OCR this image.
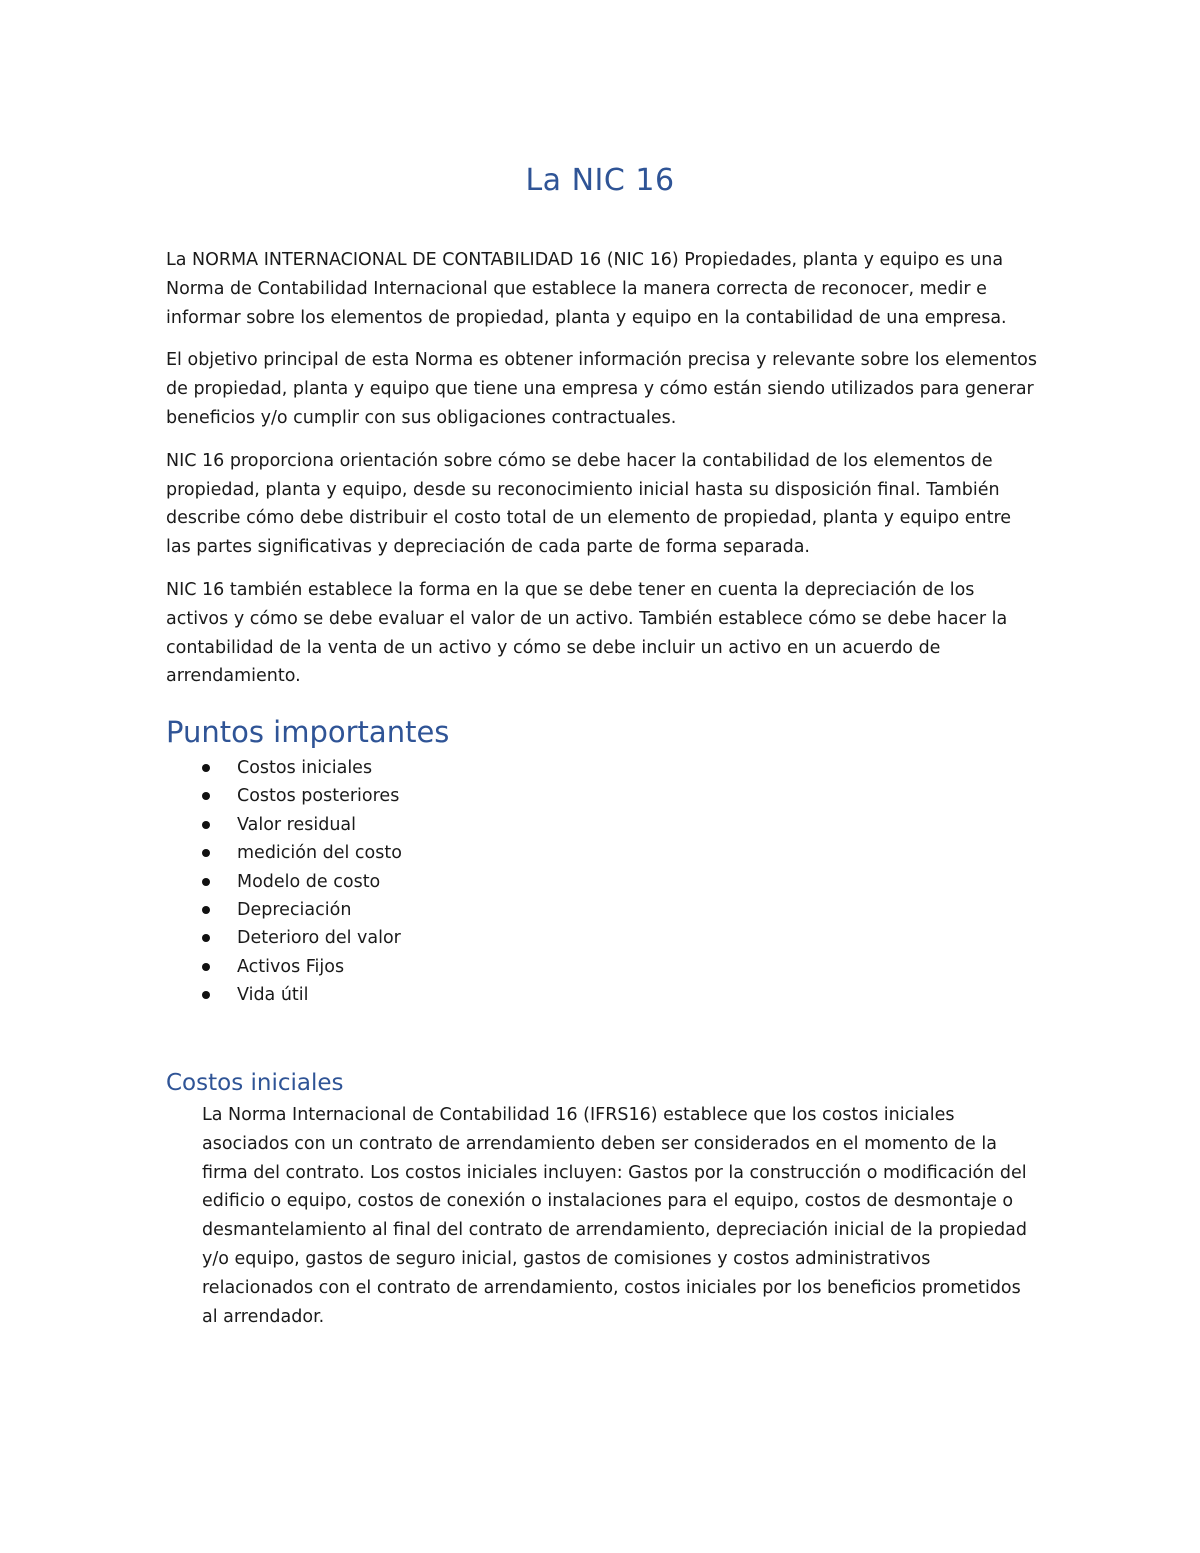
La NIC 16

La NORMA INTERNACIONAL DE CONTABILIDAD 16 (NIC 16) Propiedades, planta y equipo es una Norma de Contabilidad Internacional que establece la manera correcta de reconocer, medir e informar sobre los elementos de propiedad, planta y equipo en la contabilidad de una empresa.

El objetivo principal de esta Norma es obtener información precisa y relevante sobre los elementos de propiedad, planta y equipo que tiene una empresa y cómo están siendo utilizados para generar beneficios y/o cumplir con sus obligaciones contractuales.

NIC 16 proporciona orientación sobre cómo se debe hacer la contabilidad de los elementos de propiedad, planta y equipo, desde su reconocimiento inicial hasta su disposición final. También describe cómo debe distribuir el costo total de un elemento de propiedad, planta y equipo entre las partes significativas y depreciación de cada parte de forma separada.

NIC 16 también establece la forma en la que se debe tener en cuenta la depreciación de los activos y cómo se debe evaluar el valor de un activo. También establece cómo se debe hacer la contabilidad de la venta de un activo y cómo se debe incluir un activo en un acuerdo de arrendamiento.

Puntos importantes
Costos iniciales
Costos posteriores
Valor residual
medición del costo
Modelo de costo
Depreciación
Deterioro del valor
Activos Fijos
Vida útil
Costos iniciales

La Norma Internacional de Contabilidad 16 (IFRS16) establece que los costos iniciales asociados con un contrato de arrendamiento deben ser considerados en el momento de la firma del contrato. Los costos iniciales incluyen: Gastos por la construcción o modificación del edificio o equipo, costos de conexión o instalaciones para el equipo, costos de desmontaje o desmantelamiento al final del contrato de arrendamiento, depreciación inicial de la propiedad y/o equipo, gastos de seguro inicial, gastos de comisiones y costos administrativos relacionados con el contrato de arrendamiento, costos iniciales por los beneficios prometidos al arrendador.
